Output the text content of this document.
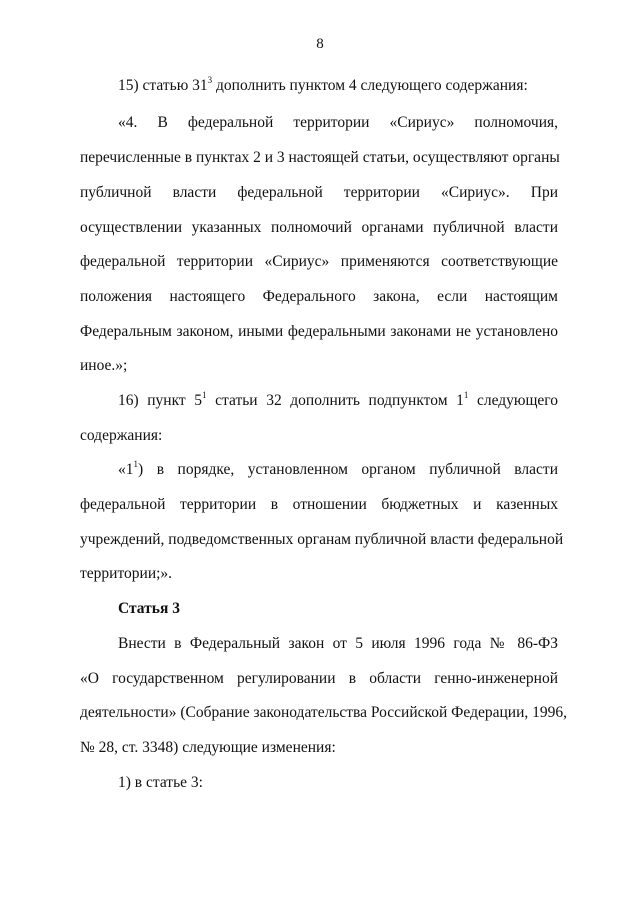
8
15) статью $31^3$ дополнить пунктом 4 следующего содержания:
«4. В федеральной территории «Сириус» полномочия,
перечисленные в пунктах 2 и 3 настоящей статьи, осуществляют органы
публичной власти федеральной территории «Сириус». При
осуществлении указанных полномочий органами публичной власти
федеральной территории «Сириус» применяются соответствующие
положения настоящего Федерального закона, если настоящим
Федеральным законом, иными федеральными законами не установлено
иное.»;
16) пункт $5^1$ статьи 32 дополнить подпунктом $1^1$ следующего
содержания:
«$1^1$) в порядке, установленном органом публичной власти
федеральной территории в отношении бюджетных и казенных
учреждений, подведомственных органам публичной власти федеральной
территории;».
Статья 3
Внести в Федеральный закон от 5 июля 1996 года № 86-ФЗ
«О государственном регулировании в области генно-инженерной
деятельности» (Собрание законодательства Российской Федерации, 1996,
№ 28, ст. 3348) следующие изменения:
1) в статье 3:
